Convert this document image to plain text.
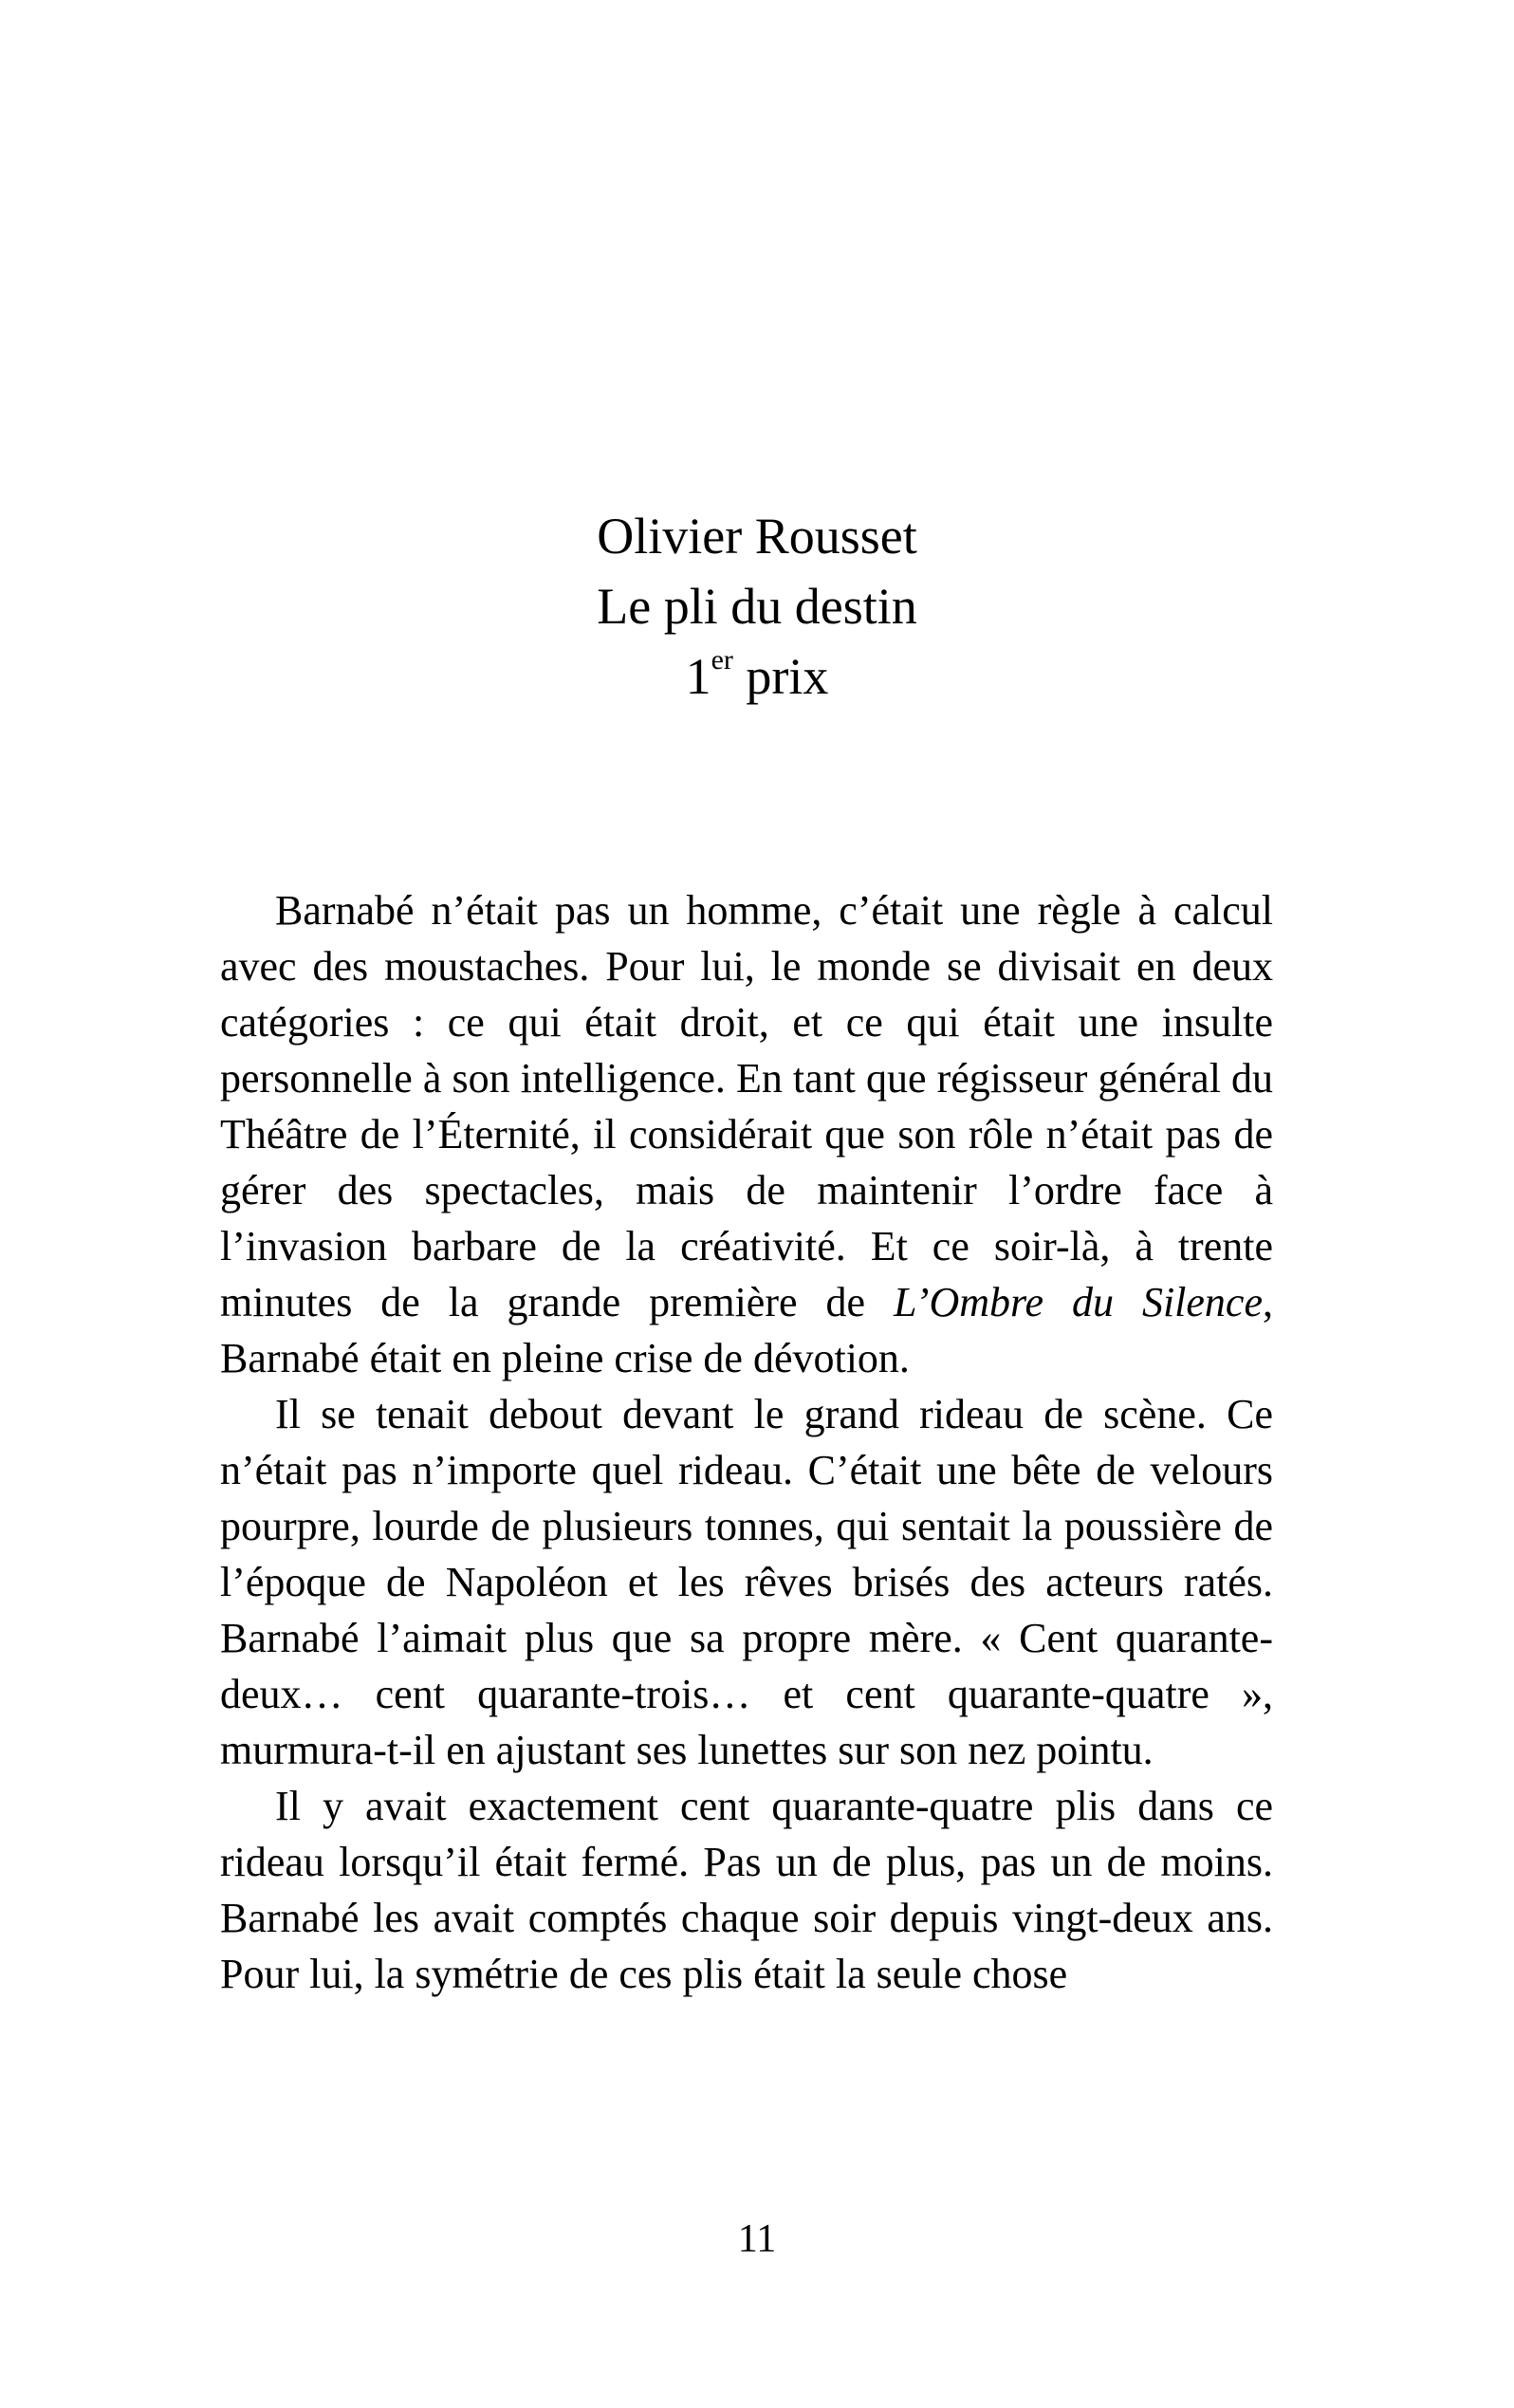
Olivier Rousset
Le pli du destin
1er prix

Barnabé n’était pas un homme, c’était une règle à calcul avec des moustaches. Pour lui, le monde se divisait en deux catégories : ce qui était droit, et ce qui était une insulte personnelle à son intelligence. En tant que régisseur général du Théâtre de l’Éternité, il considérait que son rôle n’était pas de gérer des spectacles, mais de maintenir l’ordre face à l’invasion barbare de la créativité. Et ce soir-là, à trente minutes de la grande première de L’Ombre du Silence, Barnabé était en pleine crise de dévotion.

Il se tenait debout devant le grand rideau de scène. Ce n’était pas n’importe quel rideau. C’était une bête de velours pourpre, lourde de plusieurs tonnes, qui sentait la poussière de l’époque de Napoléon et les rêves brisés des acteurs ratés. Barnabé l’aimait plus que sa propre mère. « Cent quarante-deux… cent quarante-trois… et cent quarante-quatre », murmura-t-il en ajustant ses lunettes sur son nez pointu.

Il y avait exactement cent quarante-quatre plis dans ce rideau lorsqu’il était fermé. Pas un de plus, pas un de moins. Barnabé les avait comptés chaque soir depuis vingt-deux ans. Pour lui, la symétrie de ces plis était la seule chose

11
